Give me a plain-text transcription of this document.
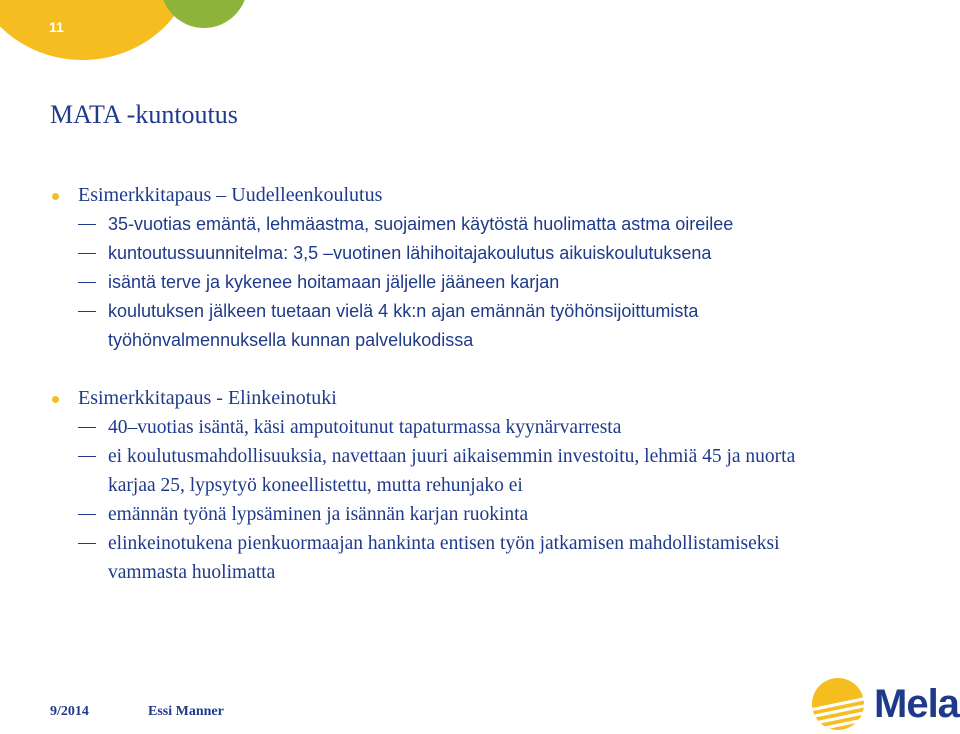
11
MATA -kuntoutus
Esimerkkitapaus – Uudelleenkoulutus
35-vuotias emäntä, lehmäastma, suojaimen käytöstä huolimatta astma oireilee
kuntoutussuunnitelma: 3,5 –vuotinen lähihoitajakoulutus aikuiskoulutuksena
isäntä terve ja kykenee hoitamaan jäljelle jääneen karjan
koulutuksen jälkeen tuetaan vielä 4 kk:n ajan emännän työhönsijoittumista
työhönvalmennuksella kunnan palvelukodissa
Esimerkkitapaus - Elinkeinotuki
40–vuotias isäntä, käsi amputoitunut tapaturmassa kyynärvarresta
ei koulutusmahdollisuuksia, navettaan juuri aikaisemmin investoitu, lehmiä 45 ja nuorta
karjaa 25, lypsytyö koneellistettu, mutta rehunjako ei
emännän työnä lypsäminen ja isännän karjan ruokinta
elinkeinotukena pienkuormaajan hankinta entisen työn jatkamisen mahdollistamiseksi
vammasta huolimatta
9/2014	Essi Manner	Mela
